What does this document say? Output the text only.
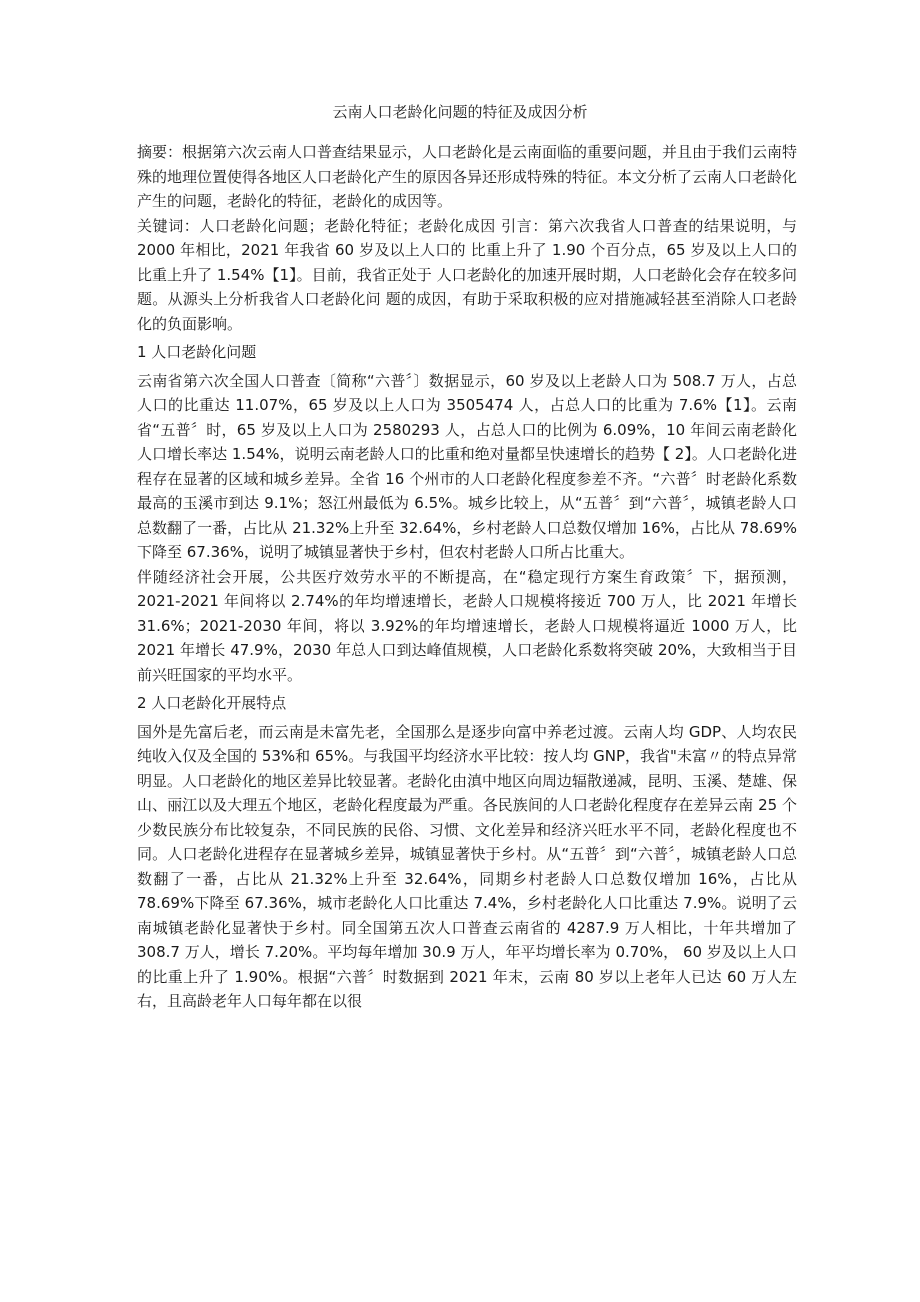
云南人口老龄化问题的特征及成因分析

摘要：根据第六次云南人口普查结果显示，人口老龄化是云南面临的重要问题，并且由于我们云南特殊的地理位置使得各地区人口老龄化产生的原因各异还形成特殊的特征。本文分析了云南人口老龄化产生的问题，老龄化的特征，老龄化的成因等。

关键词：人口老龄化问题；老龄化特征；老龄化成因 引言：第六次我省人口普查的结果说明，与 2000 年相比，2021 年我省 60 岁及以上人口的 比重上升了 1.90 个百分点，65 岁及以上人口的比重上升了 1.54%【1】。目前，我省正处于 人口老龄化的加速开展时期，人口老龄化会存在较多问题。从源头上分析我省人口老龄化问 题的成因，有助于采取积极的应对措施减轻甚至消除人口老龄化的负面影响。

1 人口老龄化问题

云南省第六次全国人口普查〔简称“六普〞〕数据显示，60 岁及以上老龄人口为 508.7 万人，占总人口的比重达 11.07%，65 岁及以上人口为 3505474 人，占总人口的比重为 7.6%【1】。云南省“五普〞时，65 岁及以上人口为 2580293 人，占总人口的比例为 6.09%，10 年间云南老龄化人口增长率达 1.54%，说明云南老龄人口的比重和绝对量都呈快速增长的趋势【 2】。人口老龄化进程存在显著的区域和城乡差异。全省 16 个州市的人口老龄化程度参差不齐。“六普〞时老龄化系数最高的玉溪市到达 9.1%；怒江州最低为 6.5%。城乡比较上，从“五普〞到“六普〞，城镇老龄人口总数翻了一番，占比从 21.32%上升至 32.64%，乡村老龄人口总数仅增加 16%，占比从 78.69%下降至 67.36%，说明了城镇显著快于乡村，但农村老龄人口所占比重大。

伴随经济社会开展，公共医疗效劳水平的不断提高，在“稳定现行方案生育政策〞下，据预测，2021-2021 年间将以 2.74%的年均增速增长，老龄人口规模将接近 700 万人，比 2021 年增长 31.6%；2021-2030 年间，将以 3.92%的年均增速增长，老龄人口规模将逼近 1000 万人，比 2021 年增长 47.9%，2030 年总人口到达峰值规模，人口老龄化系数将突破 20%，大致相当于目前兴旺国家的平均水平。

2 人口老龄化开展特点

国外是先富后老，而云南是未富先老，全国那么是逐步向富中养老过渡。云南人均 GDP、人均农民纯收入仅及全国的 53%和 65%。与我国平均经济水平比较：按人均 GNP，我省"未富〃的特点异常明显。人口老龄化的地区差异比较显著。老龄化由滇中地区向周边辐散递减，昆明、玉溪、楚雄、保山、丽江以及大理五个地区，老龄化程度最为严重。各民族间的人口老龄化程度存在差异云南 25 个少数民族分布比较复杂，不同民族的民俗、习惯、文化差异和经济兴旺水平不同，老龄化程度也不同。人口老龄化进程存在显著城乡差异，城镇显著快于乡村。从“五普〞到“六普〞，城镇老龄人口总数翻了一番，占比从 21.32%上升至 32.64%，同期乡村老龄人口总数仅增加 16%，占比从 78.69%下降至 67.36%，城市老龄化人口比重达 7.4%，乡村老龄化人口比重达 7.9%。说明了云南城镇老龄化显著快于乡村。同全国第五次人口普查云南省的 4287.9 万人相比，十年共增加了 308.7 万人，增长 7.20%。平均每年增加 30.9 万人，年平均增长率为 0.70%， 60 岁及以上人口的比重上升了 1.90%。根据“六普〞时数据到 2021 年末，云南 80 岁以上老年人已达 60 万人左右，且高龄老年人口每年都在以很
